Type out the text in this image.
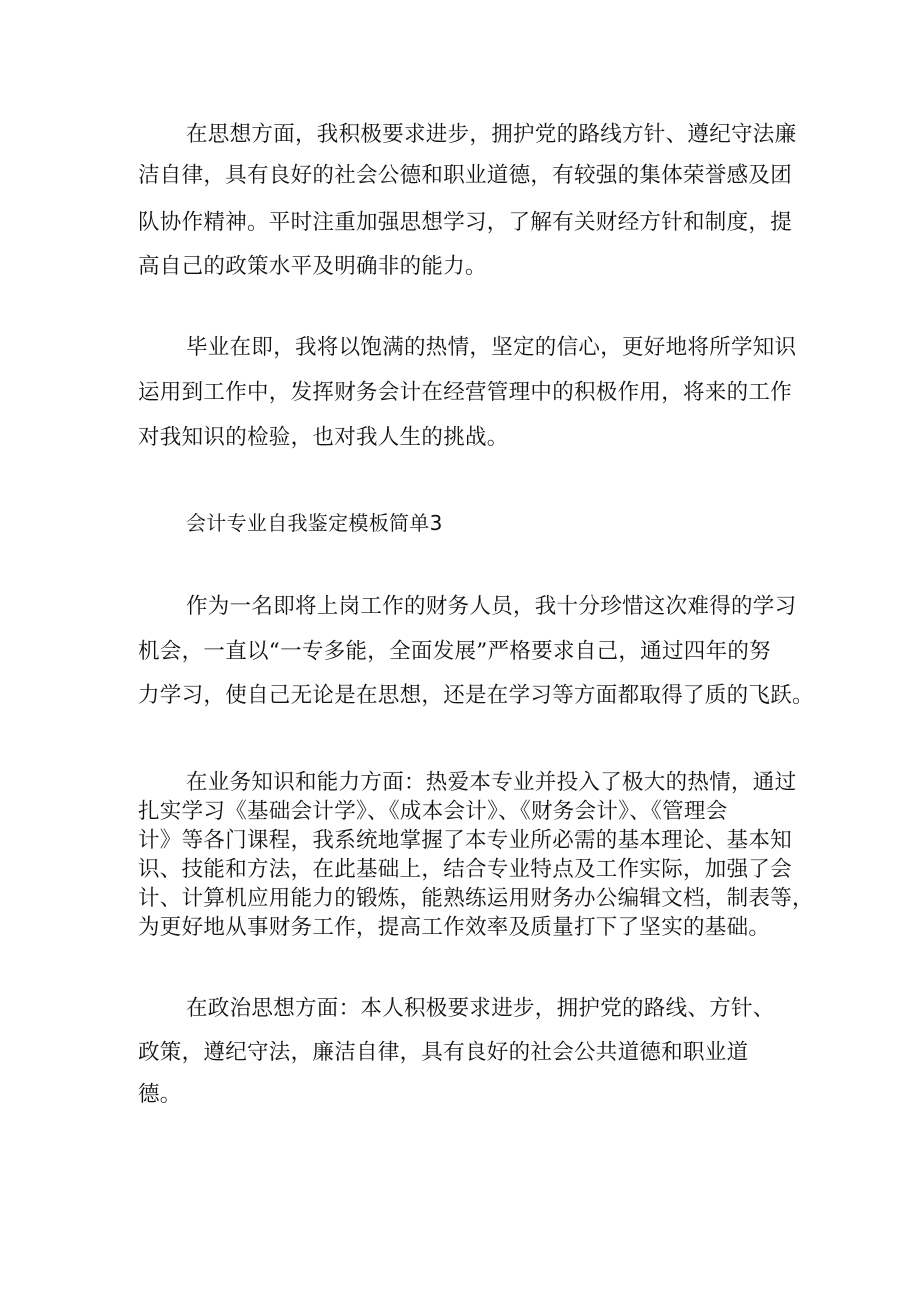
在思想方面，我积极要求进步，拥护党的路线方针、遵纪守法廉
洁自律，具有良好的社会公德和职业道德，有较强的集体荣誉感及团
队协作精神。平时注重加强思想学习，了解有关财经方针和制度，提
高自己的政策水平及明确非的能力。
毕业在即，我将以饱满的热情，坚定的信心，更好地将所学知识
运用到工作中，发挥财务会计在经营管理中的积极作用，将来的工作
对我知识的检验，也对我人生的挑战。
会计专业自我鉴定模板简单3
作为一名即将上岗工作的财务人员，我十分珍惜这次难得的学习
机会，一直以“一专多能，全面发展”严格要求自己，通过四年的努
力学习，使自己无论是在思想，还是在学习等方面都取得了质的飞跃。
在业务知识和能力方面：热爱本专业并投入了极大的热情，通过
扎实学习《基础会计学》、《成本会计》、《财务会计》、《管理会
计》等各门课程，我系统地掌握了本专业所必需的基本理论、基本知
识、技能和方法，在此基础上，结合专业特点及工作实际，加强了会
计、计算机应用能力的锻炼，能熟练运用财务办公编辑文档，制表等，
为更好地从事财务工作，提高工作效率及质量打下了坚实的基础。
在政治思想方面：本人积极要求进步，拥护党的路线、方针、
政策，遵纪守法，廉洁自律，具有良好的社会公共道德和职业道
德。
